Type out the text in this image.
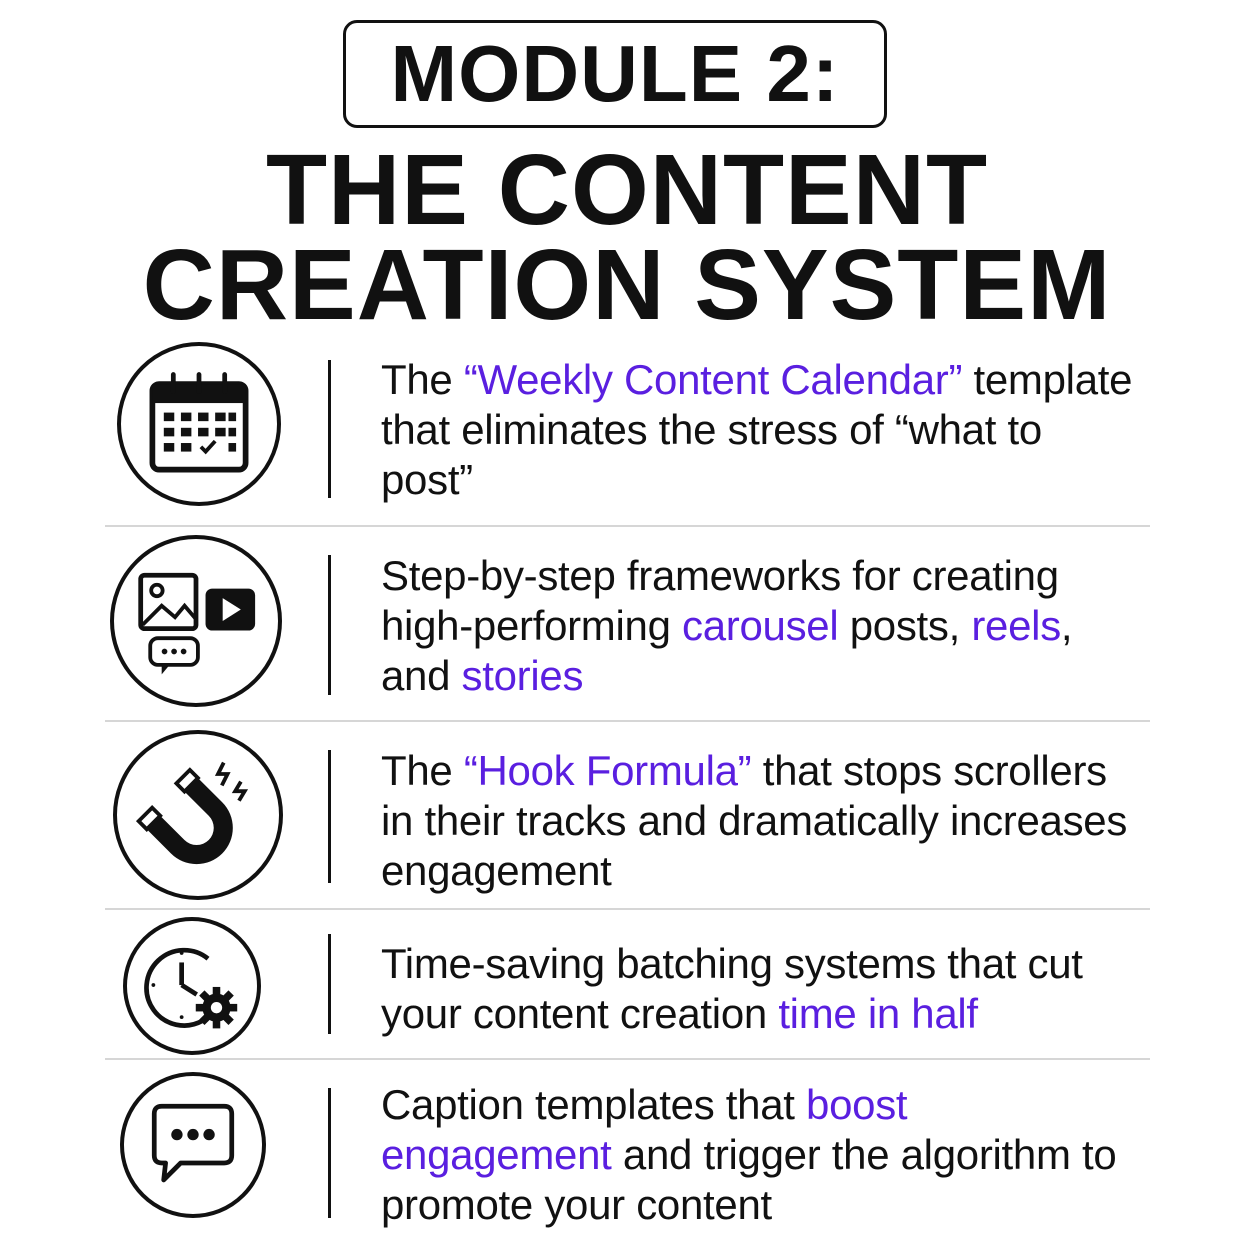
MODULE 2:
THE CONTENT
CREATION SYSTEM
The “Weekly Content Calendar” template that eliminates the stress of “what to post”
Step-by-step frameworks for creating high-performing carousel posts, reels, and stories
The “Hook Formula” that stops scrollers in their tracks and dramatically increases engagement
Time-saving batching systems that cut your content creation time in half
Caption templates that boost engagement and trigger the algorithm to promote your content
